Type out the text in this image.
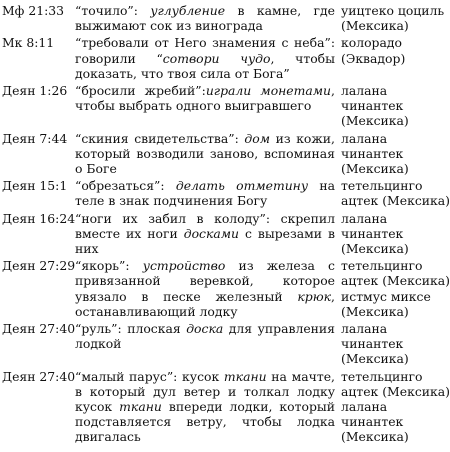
Мф 21:33	“точило”: углубление в камне, где выжимают сок из винограда	уицтеко цоциль
(Мексика)

Мк 8:11	“требовали от Него знамения с неба”: говорили “сотвори чудо, чтобы доказать, что твоя сила от Бога”	колорадо
(Эквадор)

Деян 1:26	“бросили жребий”:играли монетами, чтобы выбрать одного выигравшего	лалана чинантек
(Мексика)

Деян 7:44	“скиния свидетельства”: дом из кожи, который возводили заново, вспоминая о Боге	лалана чинантек
(Мексика)

Деян 15:1	“обрезаться”: делать отметину на теле в знак подчинения Богу	тетельцинго
ацтек (Мексика)

Деян 16:24	“ноги их забил в колоду”: скрепил вместе их ноги досками с вырезами в них	лалана чинантек
(Мексика)

Деян 27:29	“якорь”: устройство из железа с привязанной веревкой, которое увязало в песке железный крюк, останавливающий лодку	тетельцинго
ацтек (Мексика)
истмус миксе
(Мексика)

Деян 27:40	“руль”: плоская доска для управления лодкой	лалана чинантек
(Мексика)

Деян 27:40	“малый парус”: кусок ткани на мачте, в который дул ветер и толкал лодку кусок ткани впереди лодки, который подставляется ветру, чтобы лодка двигалась	тетельцинго
ацтек (Мексика)
лалана чинантек
(Мексика)
